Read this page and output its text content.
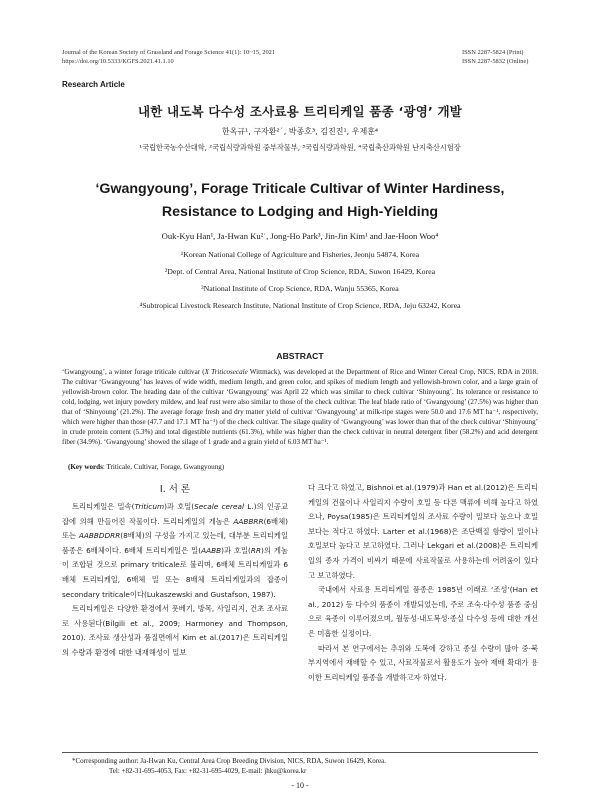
Journal of the Korean Society of Grassland and Forage Science 41(1): 10~15, 2021
https://doi.org/10.5333/KGFS.2021.41.1.10
ISSN 2287-5824 (Print)
ISSN 2287-5832 (Online)
Research Article
내한 내도복 다수성 조사료용 트리티케일 품종 ‘광영’ 개발
한옥규¹, 구자환²˙, 박종호³, 김진진¹, 우제훈⁴
¹국립한국농수산대학, ²국립식량과학원 중부작물부, ³국립식량과학원, ⁴국립축산과학원 난지축산시험장
‘Gwangyoung’, Forage Triticale Cultivar of Winter Hardiness,
Resistance to Lodging and High-Yielding
Ouk-Kyu Han¹, Ja-Hwan Ku²˙, Jong-Ho Park³, Jin-Jin Kim¹ and Jae-Hoon Woo⁴
¹Korean National College of Agriculture and Fisheries, Jeonju 54874, Korea
²Dept. of Central Area, National Institute of Crop Science, RDA, Suwon 16429, Korea
³National Institute of Crop Science, RDA, Wanju 55365, Korea
⁴Subtropical Livestock Research Institute, National Institute of Crop Science, RDA, Jeju 63242, Korea
ABSTRACT
‘Gwangyoung’, a winter forage triticale cultivar (X Triticosecale Wittmack), was developed at the Department of Rice and Winter Cereal Crop, NICS, RDA in 2018. The cultivar ‘Gwangyoung’ has leaves of wide width, medium length, and green color, and spikes of medium length and yellowish-brown color, and a large grain of yellowish-brown color. The heading date of the cultivar ‘Gwangyoung’ was April 22 which was similar to check cultivar ‘Shinyoung’. Its tolerance or resistance to cold, lodging, wet injury powdery mildew, and leaf rust were also similar to those of the check cultivar. The leaf blade ratio of ‘Gwangyoung’ (27.5%) was higher than that of ‘Shinyoung’ (21.2%). The average forage fresh and dry matter yield of cultivar ‘Gwangyoung’ at milk-ripe stages were 50.0 and 17.6 MT ha⁻¹, respectively, which were higher than those (47.7 and 17.1 MT ha⁻¹) of the check cultivar. The silage quality of ‘Gwangyoung’ was lower than that of the check cultivar ‘Shinyoung’ in crude protein content (5.3%) and total digestible nutrients (61.3%), while was higher than the check cultivar in neutral detergent fiber (58.2%) and acid detergent fiber (34.9%). ‘Gwangyoung’ showed the silage of 1 grade and a grain yield of 6.03 MT ha⁻¹.
(Key words: Triticale, Cultivar, Forage, Gwangyoung)
Ⅰ. 서 론

트리티케일은 밀속(Triticum)과 호밀(Secale cereal L.)의 인공교잡에 의해 만들어진 작물이다. 트리티케일의 게놈은 AABBRR(6배체) 또는 AABBDDRR(8배체)의 구성을 가지고 있는데, 대부분 트리티케일 품종은 6배체이다. 6배체 트리티케일은 밀(AABB)과 호밀(RR)의 게놈이 조합된 것으로 primary triticale로 불리며, 6배체 트리티케일과 6배체 트리티케일, 6배체 밀 또는 8배체 트리티케일과의 잡종이 secondary triticale이다(Lukaszewski and Gustafson, 1987).

트리티케일은 다양한 환경에서 풋베기, 방목, 사일리지, 건초 조사료로 사용된다(Bilgili et al., 2009; Harmoney and Thompson, 2010). 조사료 생산성과 품질면에서 Kim et al.(2017)은 트리티케일의 수량과 환경에 대한 내재해성이 밀보

다 크다고 하였고, Bishnoi et al.(1979)과 Han et al.(2012)은 트리티케일의 건물이나 사일리지 수량이 호밀 등 다른 맥류에 비해 높다고 하였으나, Poysa(1985)은 트리티케일의 조사료 수량이 밀보다 높으나 호밀보다는 적다고 하였다. Larter et al.(1968)은 조단백질 함량이 밀이나 호밀보다 높다고 보고하였다. 그러나 Lekgari et al.(2008)은 트리티케일의 종자 가격이 비싸기 때문에 사료작물로 사용하는데 어려움이 있다고 보고하였다.

국내에서 사료용 트리티케일 품종은 1985년 이래로 ‘조성’(Han et al., 2012) 등 다수의 품종이 개발되었는데, 주로 조숙·다수성 품종 중심으로 육종이 이루어졌으며, 월동성·내도복성·종실 다수성 등에 대한 개선은 미흡한 실정이다.

따라서 본 연구에서는 추위와 도복에 강하고 종실 수량이 많아 중·북부지역에서 재배할 수 있고, 사료작물로서 활용도가 높아 재배 확대가 용이한 트리티케일 품종을 개발하고자 하였다.

*Corresponding author: Ja-Hwan Ku, Central Area Crop Breeding Division, NICS, RDA, Suwon 16429, Korea.
Tel: +82-31-695-4053, Fax: +82-31-695-4029, E-mail: jhku@korea.kr
- 10 -
